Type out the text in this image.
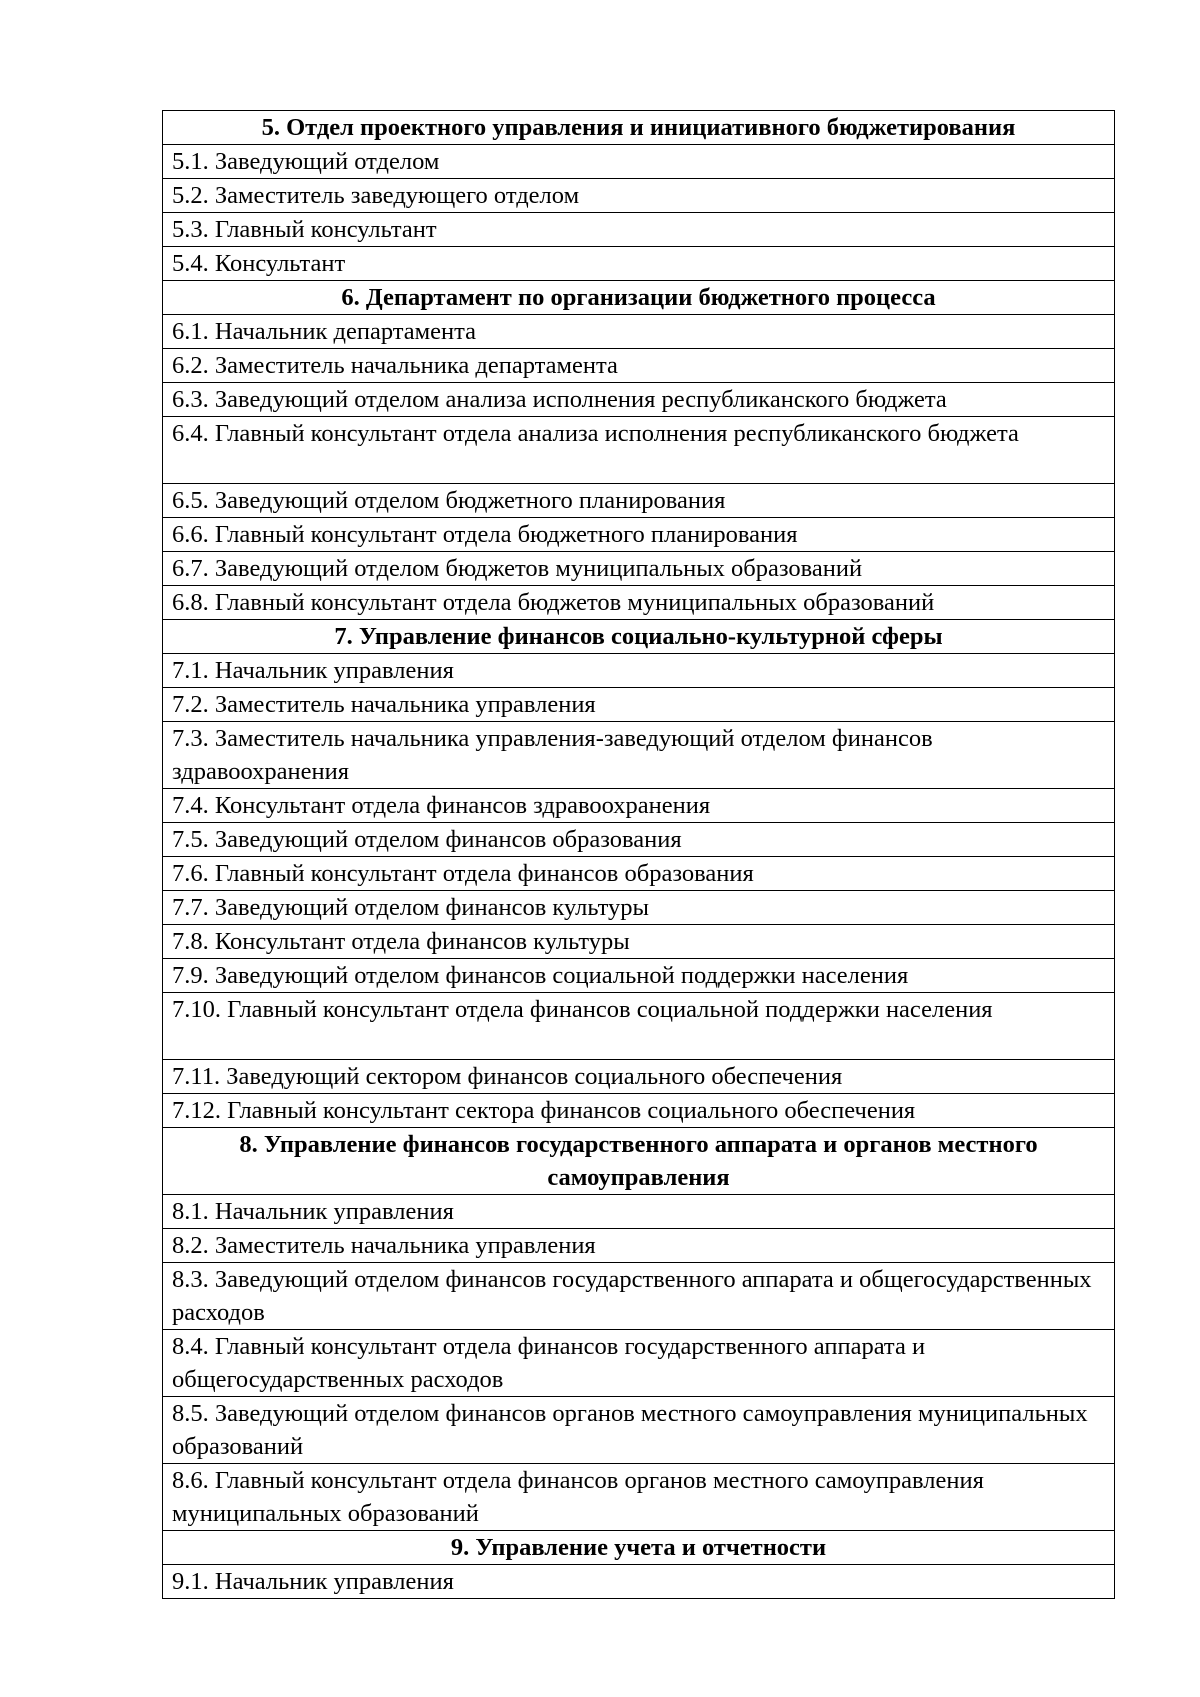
5. Отдел проектного управления и инициативного бюджетирования
5.1. Заведующий отделом
5.2. Заместитель заведующего отделом
5.3. Главный консультант
5.4. Консультант
6. Департамент по организации бюджетного процесса
6.1. Начальник департамента
6.2. Заместитель начальника департамента
6.3. Заведующий отделом анализа исполнения республиканского бюджета
6.4. Главный консультант отдела анализа исполнения республиканского бюджета
6.5. Заведующий отделом бюджетного планирования
6.6. Главный консультант отдела бюджетного планирования
6.7. Заведующий отделом бюджетов муниципальных образований
6.8. Главный консультант отдела бюджетов муниципальных образований
7. Управление финансов социально-культурной сферы
7.1. Начальник управления
7.2. Заместитель начальника управления
7.3. Заместитель начальника управления-заведующий отделом финансов здравоохранения
7.4. Консультант отдела финансов здравоохранения
7.5. Заведующий отделом финансов образования
7.6. Главный консультант отдела финансов образования
7.7. Заведующий отделом финансов культуры
7.8. Консультант отдела финансов культуры
7.9. Заведующий отделом финансов социальной поддержки населения
7.10. Главный консультант отдела финансов социальной поддержки населения
7.11. Заведующий сектором финансов социального обеспечения
7.12. Главный консультант сектора финансов социального обеспечения
8. Управление финансов государственного аппарата и органов местного самоуправления
8.1. Начальник управления
8.2. Заместитель начальника управления
8.3. Заведующий отделом финансов государственного аппарата и общегосударственных расходов
8.4. Главный консультант отдела финансов государственного аппарата и общегосударственных расходов
8.5. Заведующий отделом финансов органов местного самоуправления муниципальных образований
8.6. Главный консультант отдела финансов органов местного самоуправления муниципальных образований
9. Управление учета и отчетности
9.1. Начальник управления
